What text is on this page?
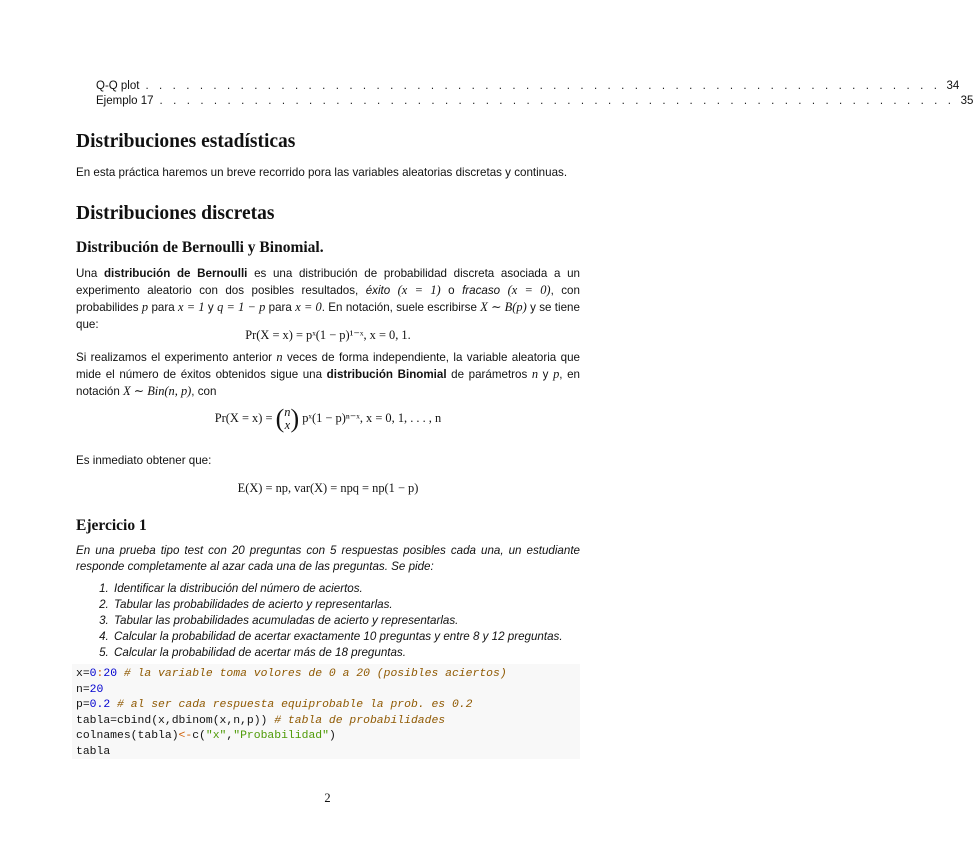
Q-Q plot . . . . . . . . . . . . . . . . . . . . . . . . . . . . . . . . . . . . . . . . . . . . . . . . . . . . . . . . . . . 34
Ejemplo 17 . . . . . . . . . . . . . . . . . . . . . . . . . . . . . . . . . . . . . . . . . . . . . . . . . . . . . . . . . . . 35
Distribuciones estadísticas
En esta práctica haremos un breve recorrido pora las variables aleatorias discretas y continuas.
Distribuciones discretas
Distribución de Bernoulli y Binomial.
Una distribución de Bernoulli es una distribución de probabilidad discreta asociada a un experimento aleatorio con dos posibles resultados, éxito (x = 1) o fracaso (x = 0), con probabilides p para x = 1 y q = 1 − p para x = 0. En notación, suele escribirse X ∼ B(p) y se tiene que:
Pr(X = x) = pˣ(1 − p)¹⁻ˣ, x = 0, 1.
Si realizamos el experimento anterior n veces de forma independiente, la variable aleatoria que mide el número de éxitos obtenidos sigue una distribución Binomial de parámetros n y p, en notación X ∼ Bin(n, p), con
Pr(X = x) = (n
x) pˣ(1 − p)ⁿ⁻ˣ, x = 0, 1, . . . , n
Es inmediato obtener que:
E(X) = np, var(X) = npq = np(1 − p)
Ejercicio 1
En una prueba tipo test con 20 preguntas con 5 respuestas posibles cada una, un estudiante responde completamente al azar cada una de las preguntas. Se pide:
1. Identificar la distribución del número de aciertos.
2. Tabular las probabilidades de acierto y representarlas.
3. Tabular las probabilidades acumuladas de acierto y representarlas.
4. Calcular la probabilidad de acertar exactamente 10 preguntas y entre 8 y 12 preguntas.
5. Calcular la probabilidad de acertar más de 18 preguntas.
x=0:20 # la variable toma volores de 0 a 20 (posibles aciertos)
n=20
p=0.2 # al ser cada respuesta equiprobable la prob. es 0.2
tabla=cbind(x,dbinom(x,n,p)) # tabla de probabilidades
colnames(tabla)<-c("x","Probabilidad")
tabla
2
